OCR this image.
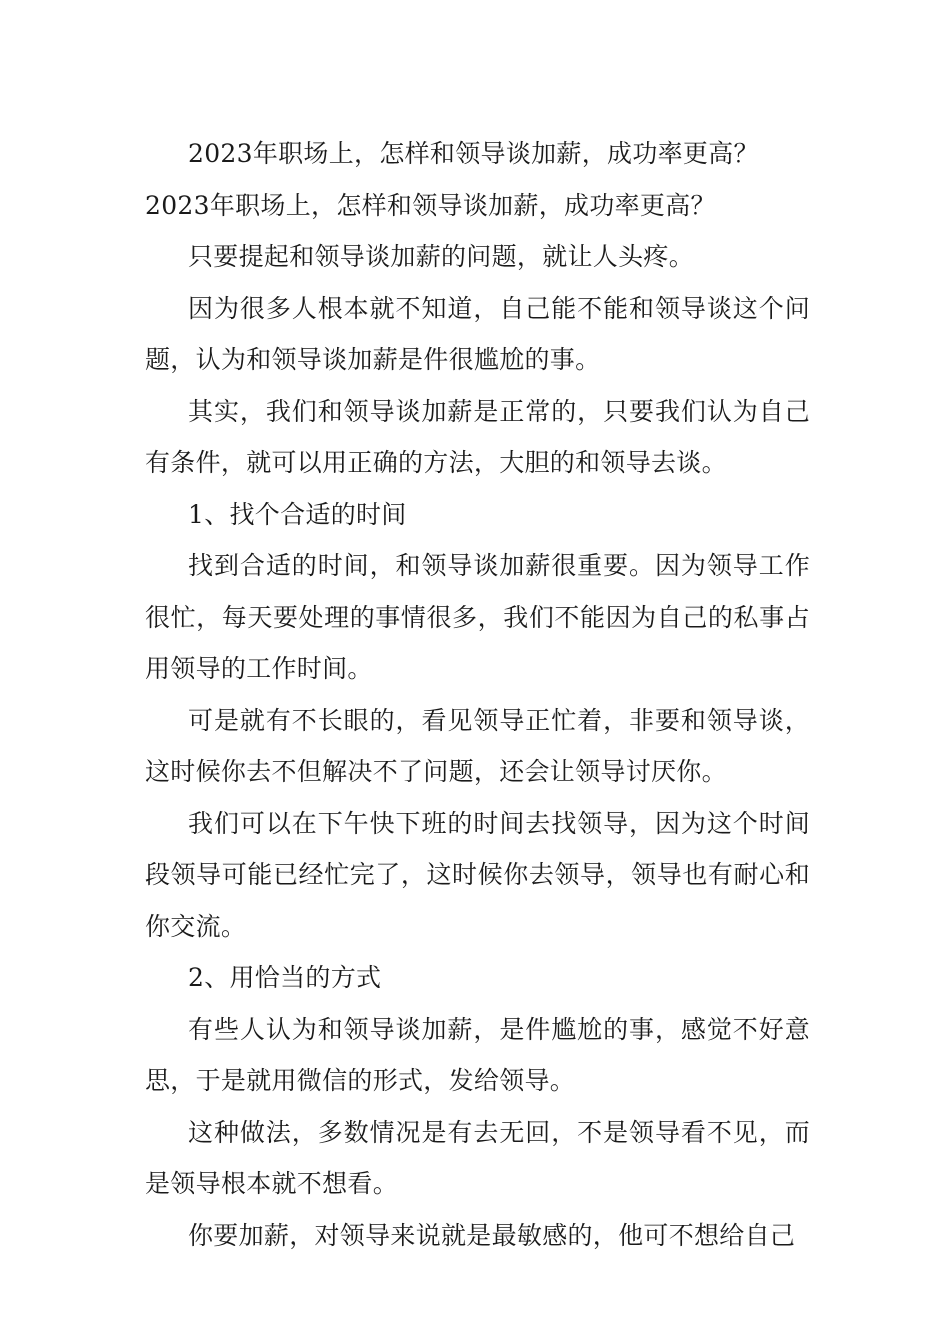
2023年职场上，怎样和领导谈加薪，成功率更高？

2023年职场上，怎样和领导谈加薪，成功率更高？

只要提起和领导谈加薪的问题，就让人头疼。

因为很多人根本就不知道，自己能不能和领导谈这个问题，认为和领导谈加薪是件很尴尬的事。

其实，我们和领导谈加薪是正常的，只要我们认为自己有条件，就可以用正确的方法，大胆的和领导去谈。

1、找个合适的时间

找到合适的时间，和领导谈加薪很重要。因为领导工作很忙，每天要处理的事情很多，我们不能因为自己的私事占用领导的工作时间。

可是就有不长眼的，看见领导正忙着，非要和领导谈，这时候你去不但解决不了问题，还会让领导讨厌你。

我们可以在下午快下班的时间去找领导，因为这个时间段领导可能已经忙完了，这时候你去领导，领导也有耐心和你交流。

2、用恰当的方式

有些人认为和领导谈加薪，是件尴尬的事，感觉不好意思，于是就用微信的形式，发给领导。

这种做法，多数情况是有去无回，不是领导看不见，而是领导根本就不想看。

你要加薪，对领导来说就是最敏感的，他可不想给自己
